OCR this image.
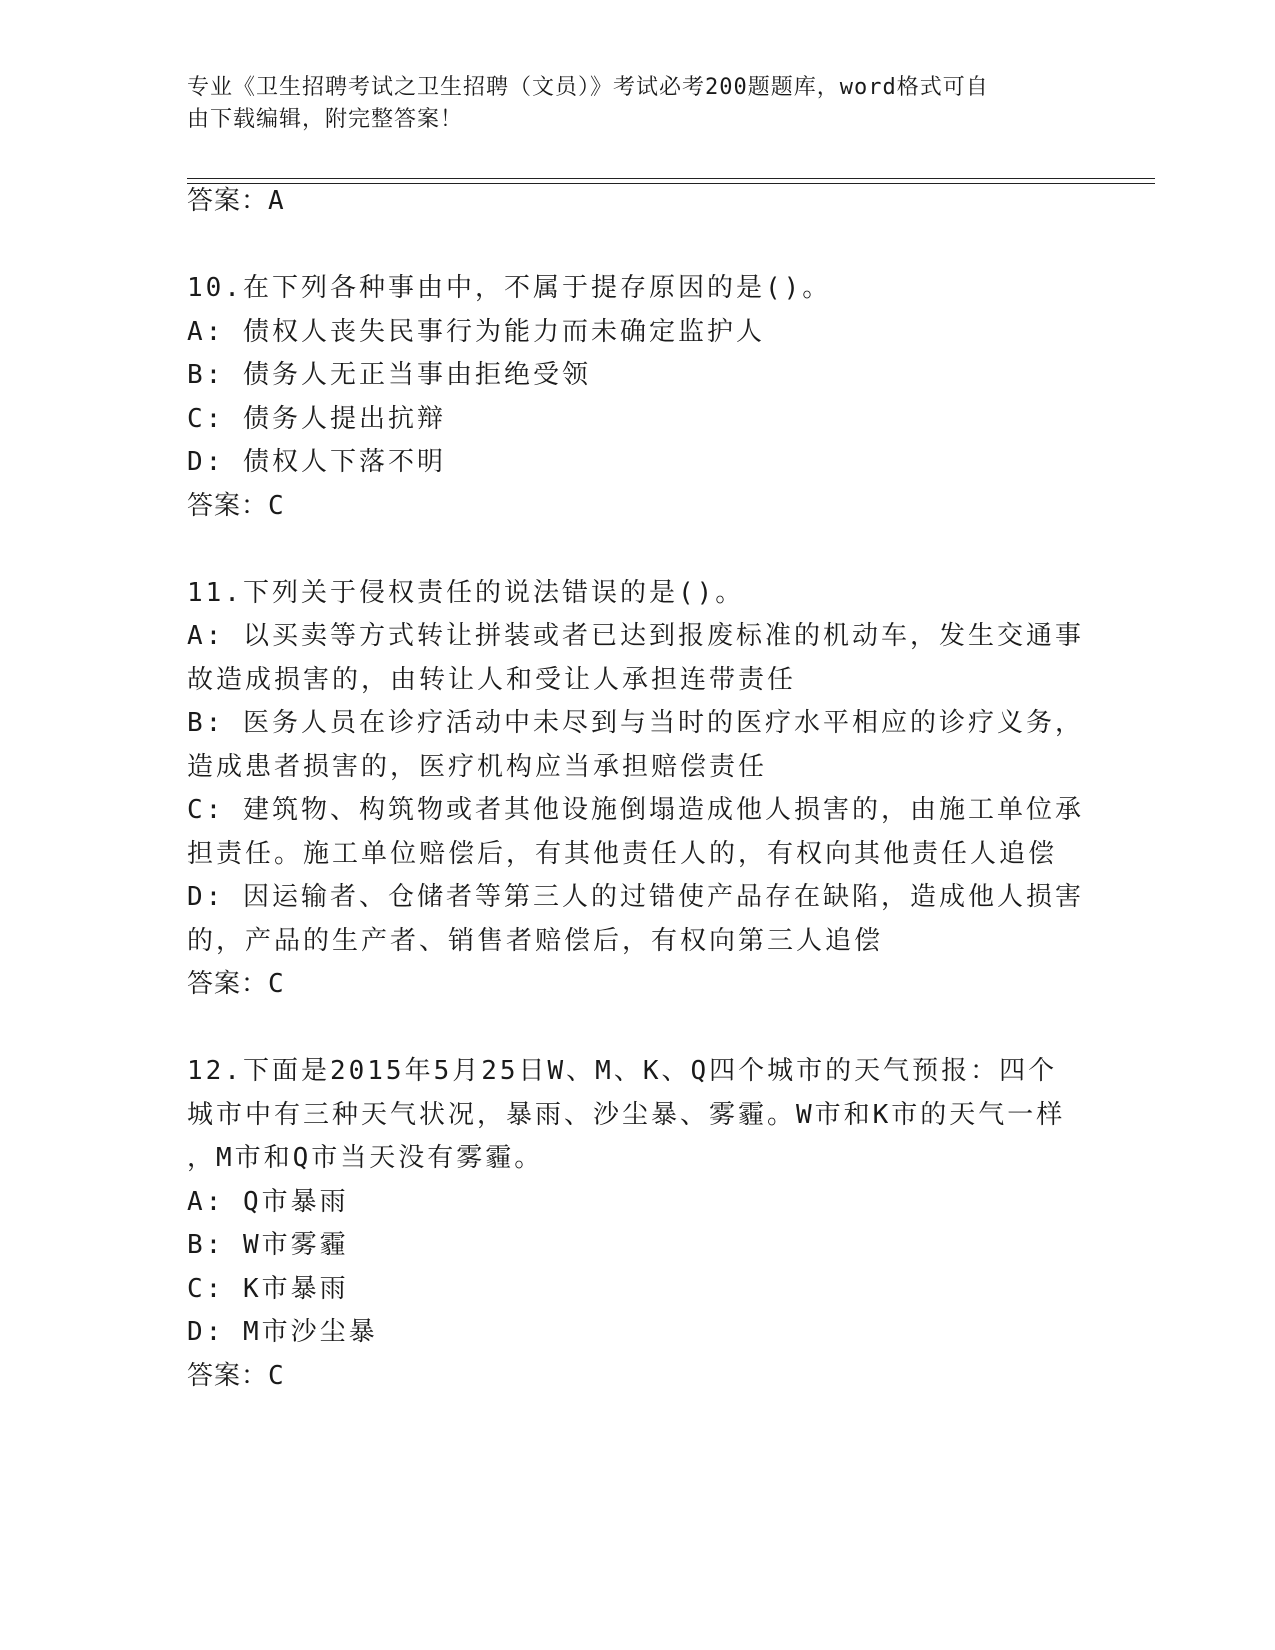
专业《卫生招聘考试之卫生招聘（文员）》考试必考200题题库，word格式可自
由下载编辑，附完整答案！
答案：A
10.在下列各种事由中，不属于提存原因的是()。
A: 债权人丧失民事行为能力而未确定监护人
B: 债务人无正当事由拒绝受领
C: 债务人提出抗辩
D: 债权人下落不明
答案：C
11.下列关于侵权责任的说法错误的是()。
A: 以买卖等方式转让拼装或者已达到报废标准的机动车，发生交通事
故造成损害的，由转让人和受让人承担连带责任
B: 医务人员在诊疗活动中未尽到与当时的医疗水平相应的诊疗义务，
造成患者损害的，医疗机构应当承担赔偿责任
C: 建筑物、构筑物或者其他设施倒塌造成他人损害的，由施工单位承
担责任。施工单位赔偿后，有其他责任人的，有权向其他责任人追偿
D: 因运输者、仓储者等第三人的过错使产品存在缺陷，造成他人损害
的，产品的生产者、销售者赔偿后，有权向第三人追偿
答案：C
12.下面是2015年5月25日W、M、K、Q四个城市的天气预报：四个
城市中有三种天气状况，暴雨、沙尘暴、雾霾。W市和K市的天气一样
，M市和Q市当天没有雾霾。
A: Q市暴雨
B: W市雾霾
C: K市暴雨
D: M市沙尘暴
答案：C
